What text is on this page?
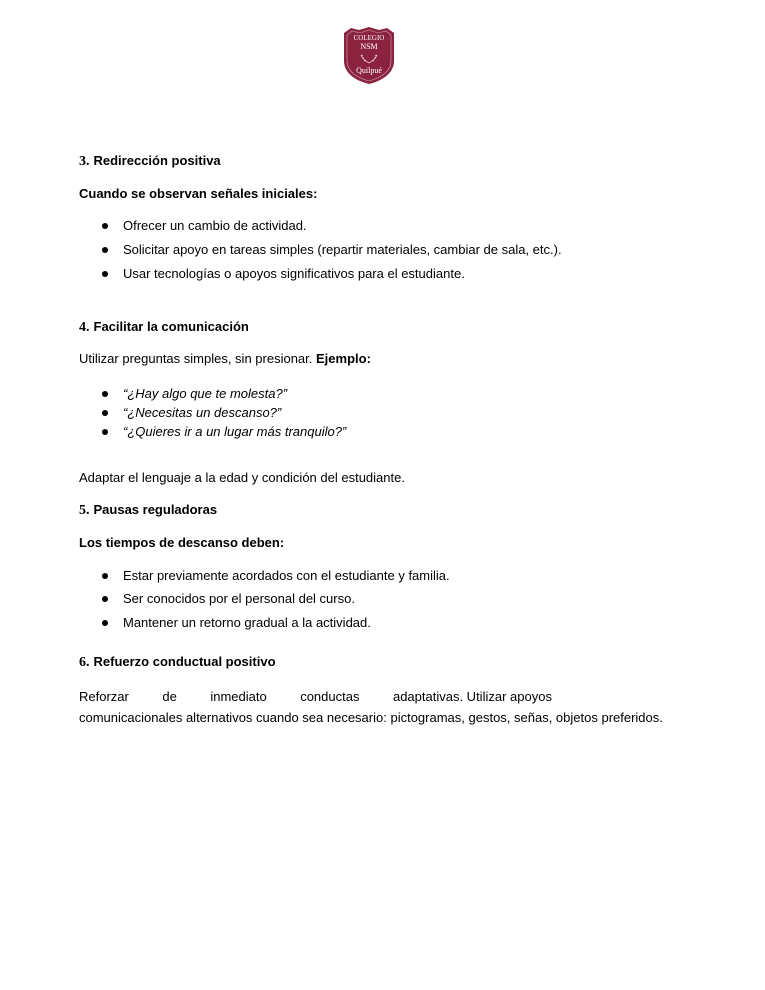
COLEGIO
NSM
Quilpué
3. Redirección positiva
Cuando se observan señales iniciales:
Ofrecer un cambio de actividad.
Solicitar apoyo en tareas simples (repartir materiales, cambiar de sala, etc.).
Usar tecnologías o apoyos significativos para el estudiante.
4. Facilitar la comunicación
Utilizar preguntas simples, sin presionar. Ejemplo:
“¿Hay algo que te molesta?”
“¿Necesitas un descanso?”
“¿Quieres ir a un lugar más tranquilo?”
Adaptar el lenguaje a la edad y condición del estudiante.
5. Pausas reguladoras
Los tiempos de descanso deben:
Estar previamente acordados con el estudiante y familia.
Ser conocidos por el personal del curso.
Mantener un retorno gradual a la actividad.
6. Refuerzo conductual positivo
Reforzar	de	inmediato	conductas	adaptativas. Utilizar apoyos
comunicacionales alternativos cuando sea necesario: pictogramas, gestos, señas, objetos preferidos.
